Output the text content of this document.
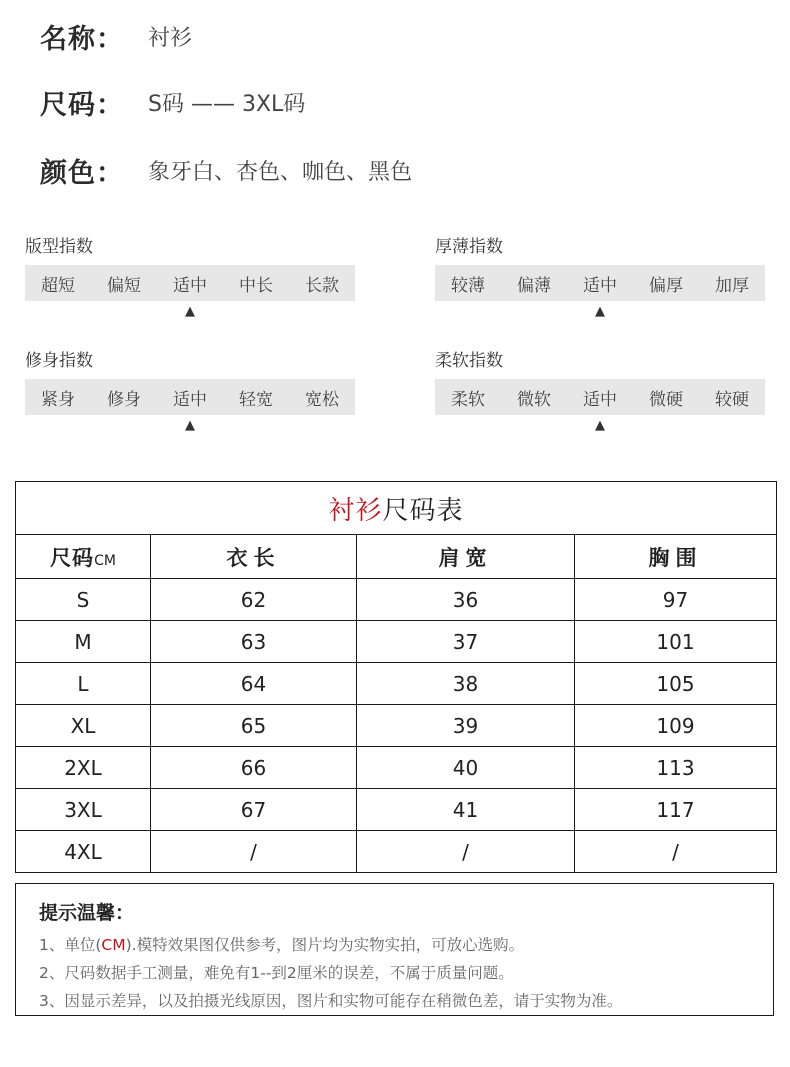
名称：	衬衫
尺码：	S码 —— 3XL码
颜色：	象牙白、杏色、咖色、黑色
版型指数
超短	偏短	适中	中长	长款
▲
厚薄指数
较薄	偏薄	适中	偏厚	加厚
▲
修身指数
紧身	修身	适中	轻宽	宽松
▲
柔软指数
柔软	微软	适中	微硬	较硬
▲
衬衫尺码表			
尺码CM	衣长	肩宽	胸围
S	62	36	97
M	63	37	101
L	64	38	105
XL	65	39	109
2XL	66	40	113
3XL	67	41	117
4XL	/	/	/
提示温馨：
1、单位(CM).模特效果图仅供参考，图片均为实物实拍，可放心选购。
2、尺码数据手工测量，难免有1--到2厘米的误差，不属于质量问题。
3、因显示差异，以及拍摄光线原因，图片和实物可能存在稍微色差，请于实物为准。
